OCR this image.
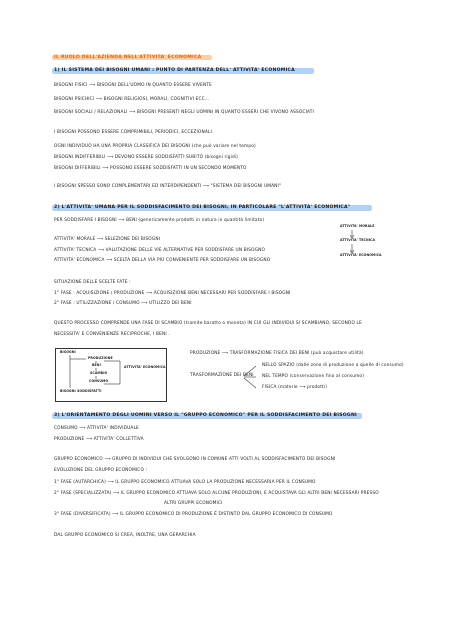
IL RUOLO DELL'AZIENDA NELL'ATTIVITA' ECONOMICA
1) IL SISTEMA DEI BISOGNI UMANI : PUNTO DI PARTENZA DELL' ATTIVITA' ECONOMICA
BISOGNI FISICI ⟶ BISOGNI DELL'UOMO IN QUANTO ESSERE VIVENTE
BISOGNI PSICHICI ⟶ BISOGNI RELIGIOSI, MORALI, COGNITIVI ECC...
BISOGNI SOCIALI / RELAZIONALI ⟶ BISOGNI PRESENTI NEGLI UOMINI IN QUANTO ESSERI CHE VIVONO ASSOCIATI
I BISOGNI POSSONO ESSERE COMPRIMIBILI, PERIODICI, ECCEZIONALI.
OGNI INDIVIDUO HA UNA PROPRIA CLASSIFICA DEI BISOGNI (che può variare nel tempo)
BISOGNI INDIFFERIBILI ⟶ DEVONO ESSERE SODDISFATTI SUBITO (bisogni rigidi)
BISOGNI DIFFERIBILI ⟶ POSSONO ESSERE SODDISFATTI IN UN SECONDO MOMENTO
I BISOGNI SPESSO SONO COMPLEMENTARI ED INTERDIPENDENTI ⟶ "SISTEMA DEI BISOGNI UMANI"
2) L'ATTIVITA' UMANA PER IL SODDISFACIMENTO DEI BISOGNI, IN PARTICOLARE "L'ATTIVITA' ECONOMICA"
PER SODDISFARE I BISOGNI ⟶ BENI (genericamente prodotti in natura in quantità limitata)
ATTIVITA' MORALE ⟶ SELEZIONE DEI BISOGNI
ATTIVITA' TECNICA ⟶ VALUTAZIONE DELLE VIE ALTERNATIVE PER SODDISFARE UN BISOGNO
ATTIVITA' ECONOMICA ⟶ SCELTA DELLA VIA PIÙ CONVENIENTE PER SODDISFARE UN BISOGNO
ATTIVITA' MORALE
ATTIVITA' TECNICA
ATTIVITA' ECONOMICA
SITUAZIONE DELLE SCELTE FATE :
1° FASE : ACQUISIZIONE / PRODUZIONE ⟶ ACQUISIZIONE BENI NECESSARI PER SODDISFARE I BISOGNI
2° FASE : UTILIZZAZIONE / CONSUMO ⟶ UTILIZZO DEI BENI
QUESTO PROCESSO COMPRENDE UNA FASE DI SCAMBIO (tramite baratto o moneta) IN CUI GLI INDIVIDUI SI SCAMBIANO, SECONDO LE
NECESSITA' E CONVENIENZE RECIPROCHE, I BENI .
BISOGNI
PRODUZIONE
BENI
SCAMBIO
ATTIVITA' ECONOMICA
CONSUMO
BISOGNI SODDISFATTI
PRODUZIONE ⟶ TRASFORMAZIONE FISICA DEI BENI (può acquistare utilità)
TRASFORMAZIONE DEI BENI
NELLO SPAZIO (dalle zone di produzione a quelle di consumo)
NEL TEMPO (conservazione fino al consumo)
FISICA (materie ⟶ prodotti)
3) L'ORIENTAMENTO DEGLI UOMINI VERSO IL "GRUPPO ECONOMICO" PER IL SODDISFACIMENTO DEI BISOGNI
CONSUMO ⟶ ATTIVITA' INDIVIDUALE
PRODUZIONE ⟶ ATTIVITA' COLLETTIVA
GRUPPO ECONOMICO ⟶ GRUPPO DI INDIVIDUI CHE SVOLGONO IN COMUNE ATTI VOLTI AL SODDISFACIMENTO DEI BISOGNI
EVOLUZIONE DEL GRUPPO ECONOMICO :
1° FASE (AUTARCHICA) ⟶ IL GRUPPO ECONOMICO ATTUAVA SOLO LA PRODUZIONE NECESSARIA PER IL CONSUMO
2° FASE (SPECIALIZZATA) ⟶ IL GRUPPO ECONOMICO ATTUAVA SOLO ALCUNE PRODUZIONI, E ACQUISTAVA GLI ALTRI BENI NECESSARI PRESSO
ALTRI GRUPPI ECONOMICI
3° FASE (DIVERSIFICATA) ⟶ IL GRUPPO ECONOMICO DI PRODUZIONE È DISTINTO DAL GRUPPO ECONOMICO DI CONSUMO
DAL GRUPPO ECONOMICO SI CREA, INOLTRE, UNA GERARCHIA
